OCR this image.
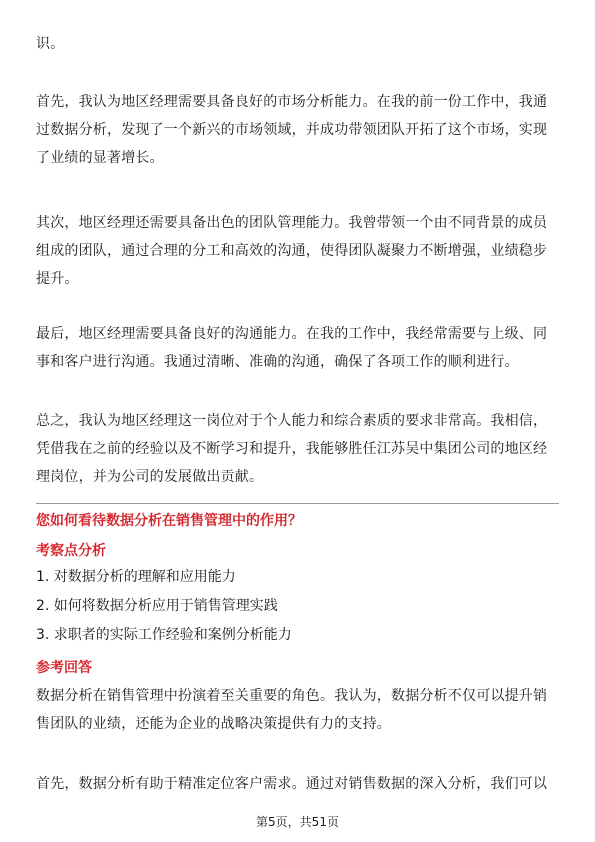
识。

首先，我认为地区经理需要具备良好的市场分析能力。在我的前一份工作中，我通过数据分析，发现了一个新兴的市场领域，并成功带领团队开拓了这个市场，实现了业绩的显著增长。

其次，地区经理还需要具备出色的团队管理能力。我曾带领一个由不同背景的成员组成的团队，通过合理的分工和高效的沟通，使得团队凝聚力不断增强，业绩稳步提升。

最后，地区经理需要具备良好的沟通能力。在我的工作中，我经常需要与上级、同事和客户进行沟通。我通过清晰、准确的沟通，确保了各项工作的顺利进行。

总之，我认为地区经理这一岗位对于个人能力和综合素质的要求非常高。我相信，凭借我在之前的经验以及不断学习和提升，我能够胜任江苏吴中集团公司的地区经理岗位，并为公司的发展做出贡献。

您如何看待数据分析在销售管理中的作用？

考察点分析

1. 对数据分析的理解和应用能力

2. 如何将数据分析应用于销售管理实践

3. 求职者的实际工作经验和案例分析能力

参考回答

数据分析在销售管理中扮演着至关重要的角色。我认为，数据分析不仅可以提升销售团队的业绩，还能为企业的战略决策提供有力的支持。

首先，数据分析有助于精准定位客户需求。通过对销售数据的深入分析，我们可以

第5页，共51页
